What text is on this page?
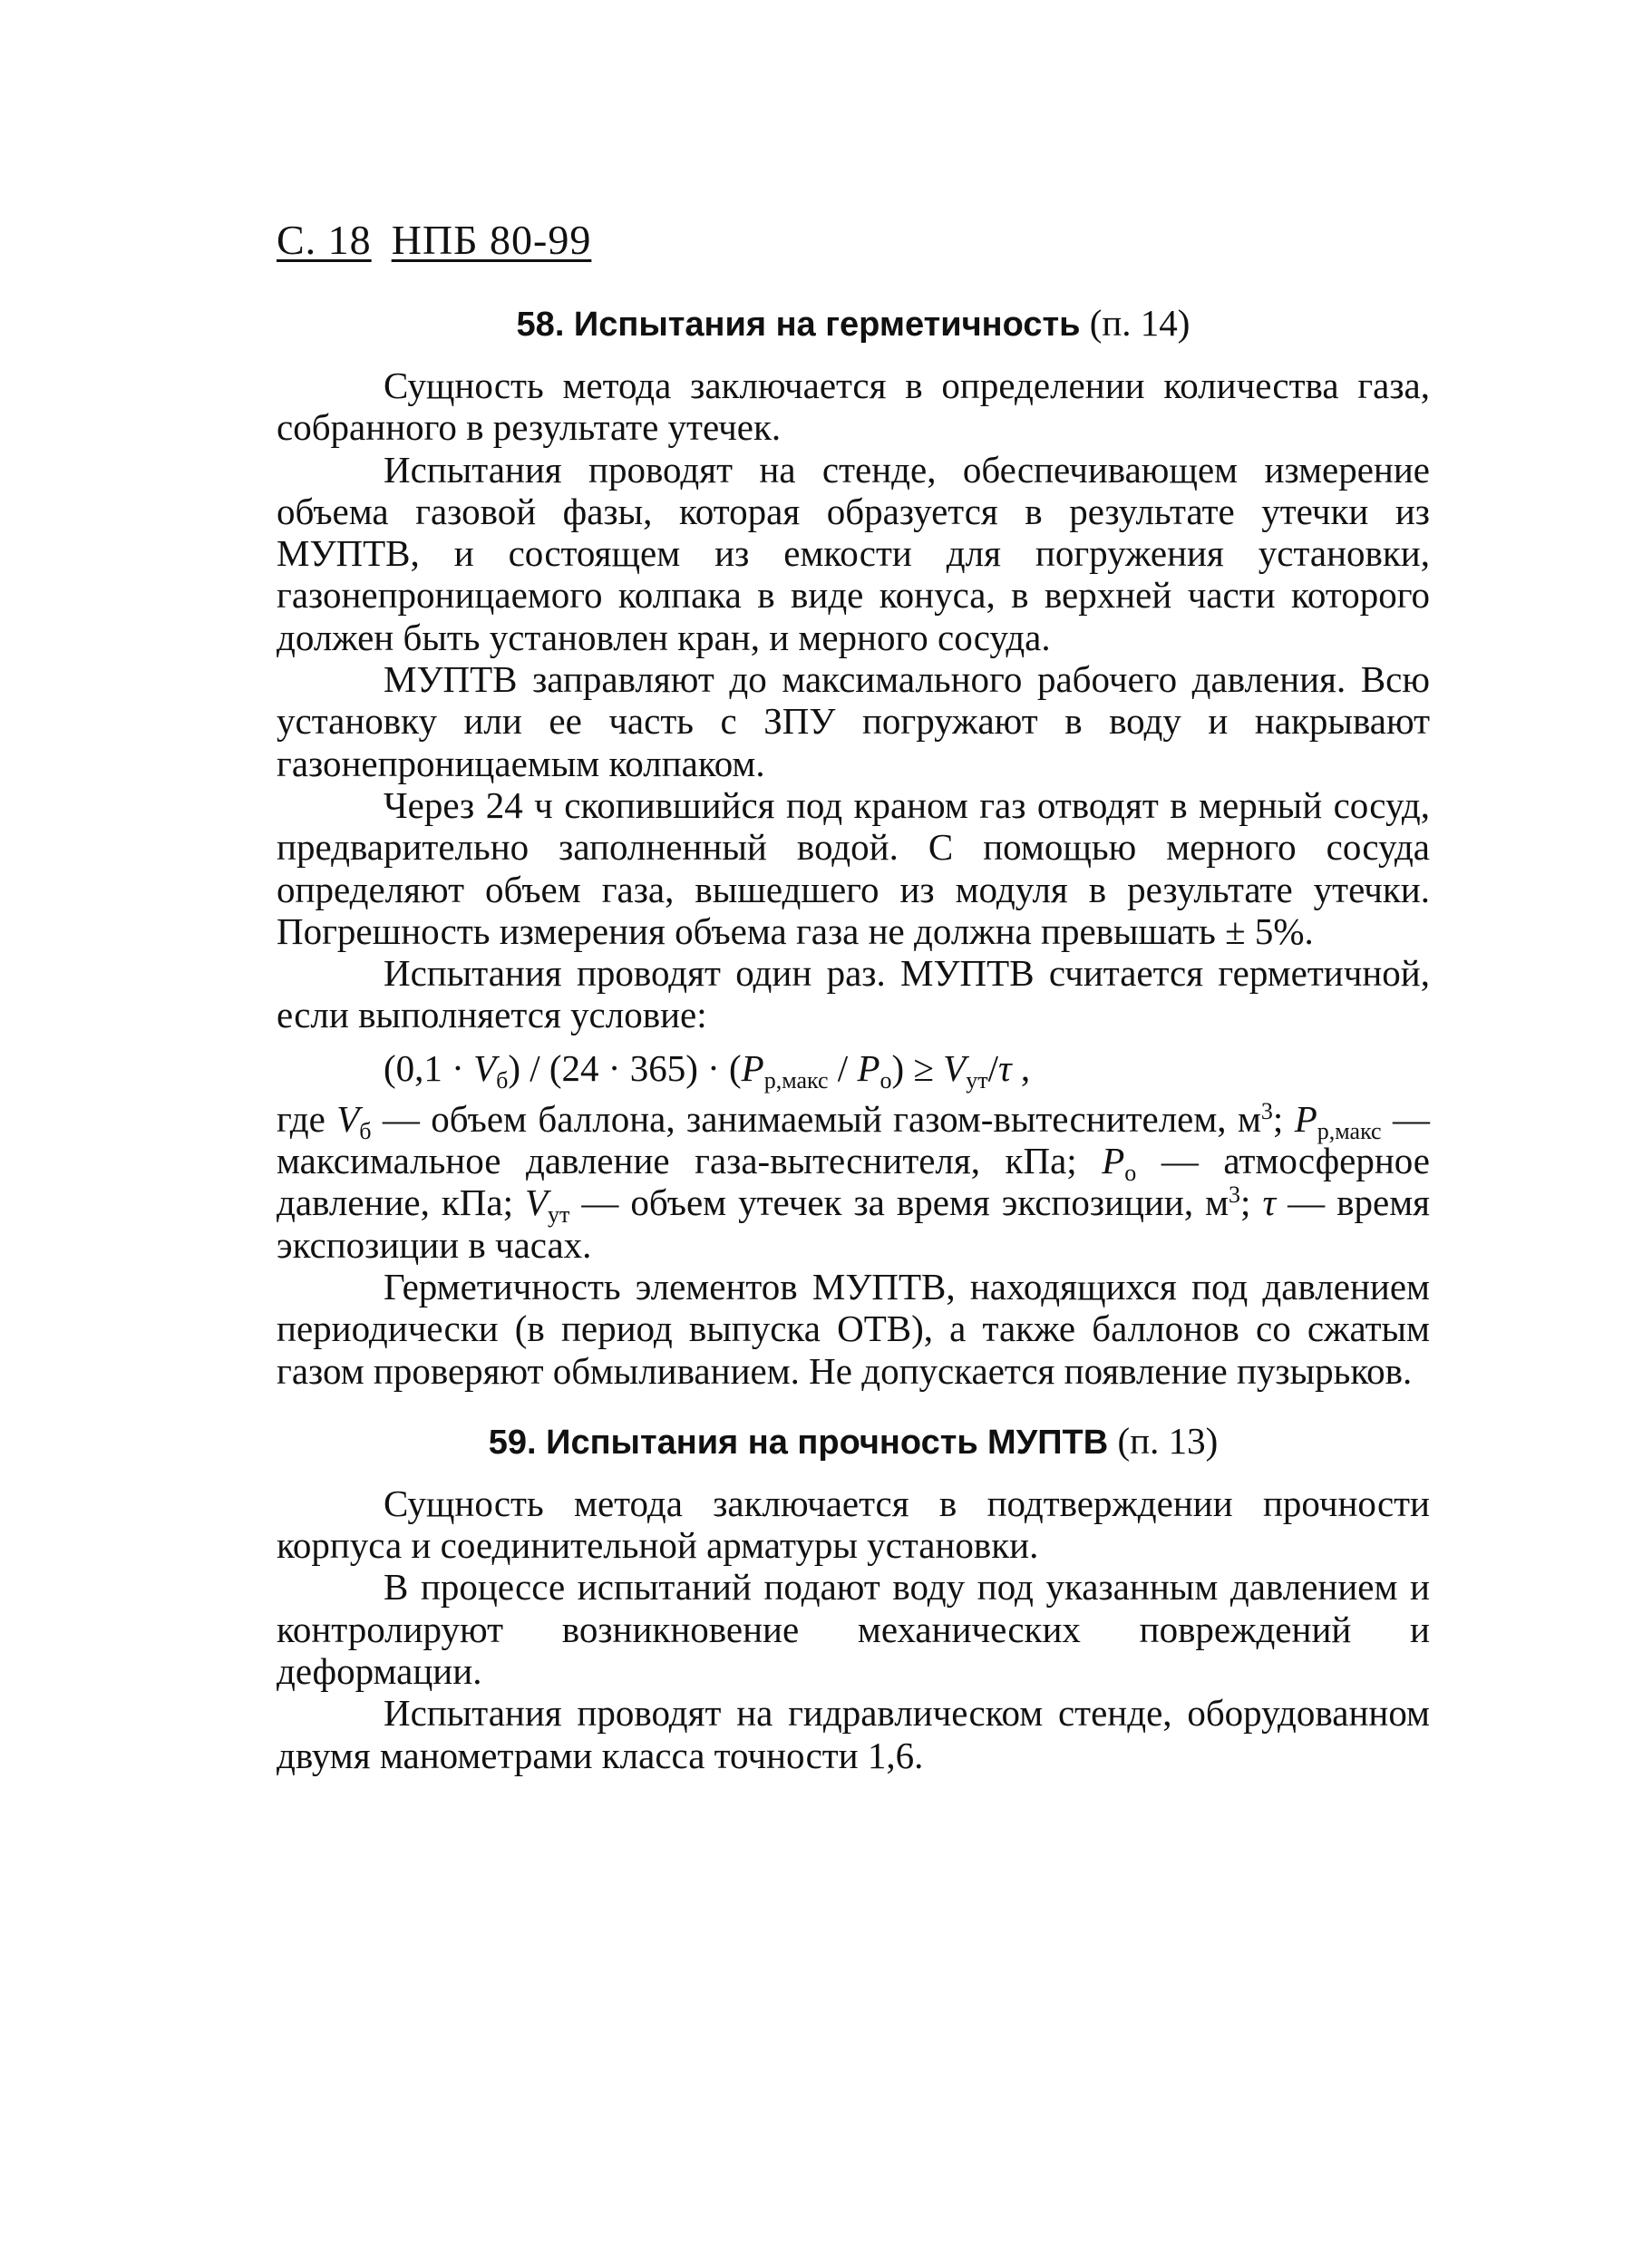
С. 18 НПБ 80-99
58. Испытания на герметичность (п. 14)

Сущность метода заключается в определении количества газа, собранного в результате утечек.

Испытания проводят на стенде, обеспечивающем измерение объема газовой фазы, которая образуется в результате утечки из МУПТВ, и состоящем из емкости для погружения установки, газонепроницаемого колпака в виде конуса, в верхней части которого должен быть установлен кран, и мерного сосуда.

МУПТВ заправляют до максимального рабочего давления. Всю установку или ее часть с ЗПУ погружают в воду и накрывают газонепроницаемым колпаком.

Через 24 ч скопившийся под краном газ отводят в мерный сосуд, предварительно заполненный водой. С помощью мерного сосуда определяют объем газа, вышедшего из модуля в результате утечки. Погрешность измерения объема газа не должна превышать ± 5%.

Испытания проводят один раз. МУПТВ считается герметичной, если выполняется условие:

$(0,1 \cdot V_б) / (24 \cdot 365) \cdot (P_{р,макс} / P_о) \ge V_{ут}/\tau$ ,

где $V_б$ — объем баллона, занимаемый газом-вытеснителем, $м^3$; $P_{р,макс}$ — максимальное давление газа-вытеснителя, кПа; $P_о$ — атмосферное давление, кПа; $V_{ут}$ — объем утечек за время экспозиции, $м^3$; τ — время экспозиции в часах.

Герметичность элементов МУПТВ, находящихся под давлением периодически (в период выпуска ОТВ), а также баллонов со сжатым газом проверяют обмыливанием. Не допускается появление пузырьков.

59. Испытания на прочность МУПТВ (п. 13)

Сущность метода заключается в подтверждении прочности корпуса и соединительной арматуры установки.

В процессе испытаний подают воду под указанным давлением и контролируют возникновение механических повреждений и деформации.

Испытания проводят на гидравлическом стенде, оборудованном двумя манометрами класса точности 1,6.
